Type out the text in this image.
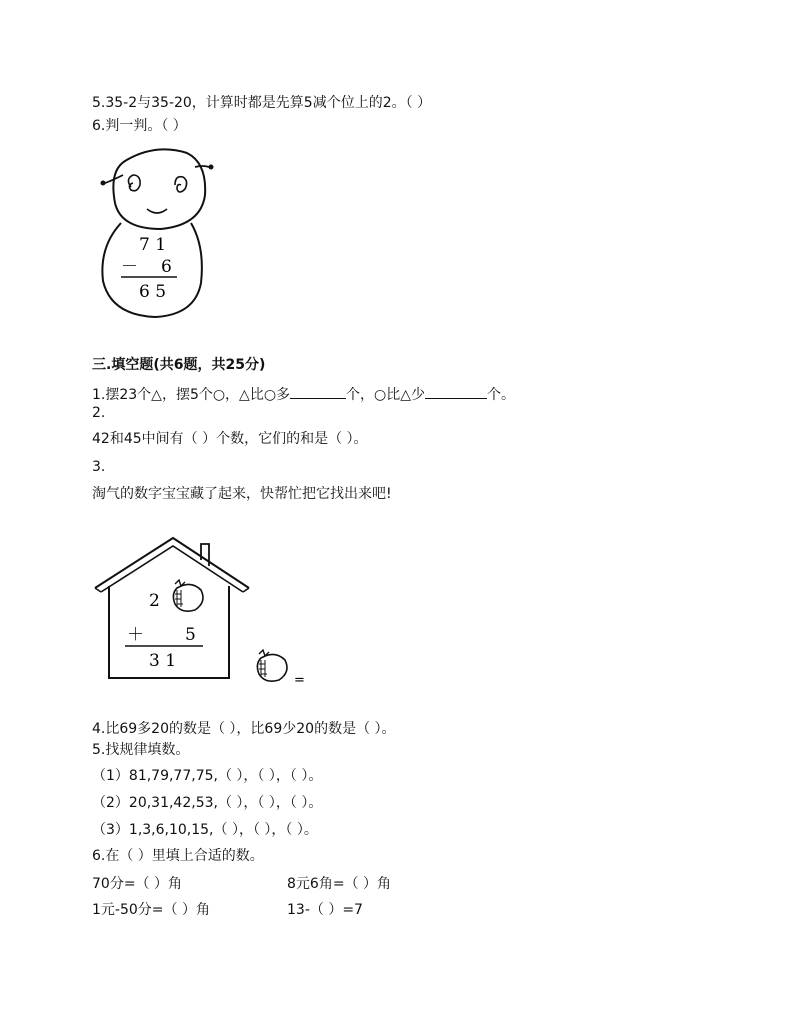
5.35-2与35-20，计算时都是先算5减个位上的2。（ ）
6.判一判。（ ）
7 1
－ 6
6 5
三.填空题(共6题，共25分)
1.摆23个△，摆5个○，△比○多	个，○比△少	个。
2.
42和45中间有（ ）个数，它们的和是（ ）。
3.
淘气的数字宝宝藏了起来，快帮忙把它找出来吧!
2
＋ 5
3 1
=
4.比69多20的数是（ ），比69少20的数是（ ）。
5.找规律填数。
（1）81,79,77,75,（ ），（ ），（ ）。
（2）20,31,42,53,（ ），（ ），（ ）。
（3）1,3,6,10,15,（ ），（ ），（ ）。
6.在（ ）里填上合适的数。
70分=（ ）角	8元6角=（ ）角
1元-50分=（ ）角	13-（ ）=7
